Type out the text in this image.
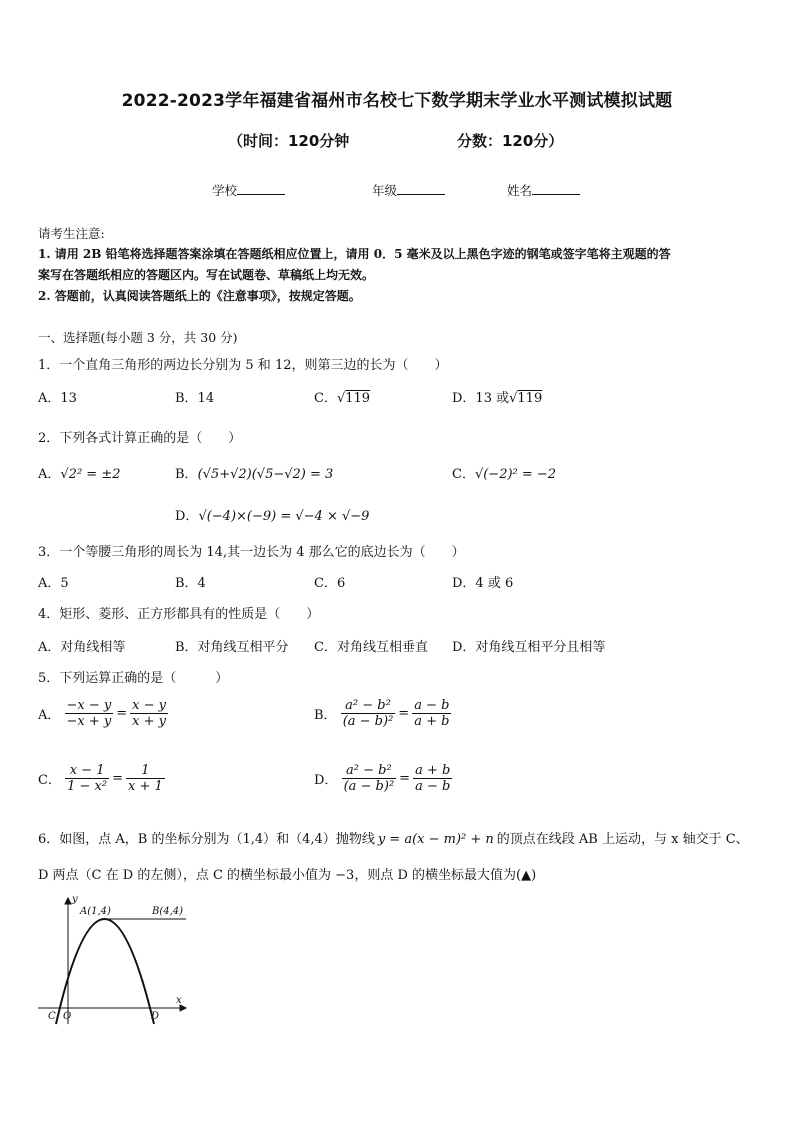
2022-2023学年福建省福州市名校七下数学期末学业水平测试模拟试题
（时间：120分钟	分数：120分）
学校	年级	姓名
请考生注意:
1. 请用 2B 铅笔将选择题答案涂填在答题纸相应位置上，请用 0．5 毫米及以上黑色字迹的钢笔或签字笔将主观题的答
案写在答题纸相应的答题区内。写在试题卷、草稿纸上均无效。
2. 答题前，认真阅读答题纸上的《注意事项》，按规定答题。
一、选择题(每小题 3 分，共 30 分)
1．一个直角三角形的两边长分别为 5 和 12，则第三边的长为（　　）
A．13	B．14	C．√119	D．13 或√119
2．下列各式计算正确的是（　　）
A．√2² = ±2	B．(√5+√2)(√5−√2) = 3	C．√(−2)² = −2
D．√(−4)×(−9) = √−4 × √−9
3．一个等腰三角形的周长为 14,其一边长为 4 那么它的底边长为（　　）
A．5	B．4	C．6	D．4 或 6
4．矩形、菱形、正方形都具有的性质是（　　）
A．对角线相等	B．对角线互相平分 C．对角线互相垂直 D．对角线互相平分且相等
5．下列运算正确的是（　　　）
A． $\frac{-x - y}{-x + y} = \frac{x - y}{x + y}$	B． $\frac{\text{a² − b²}}{\text{(a − b)²}} = \frac{a - b}{a + b}$
C． $\frac{x - 1}{\text{1 − x²}} = \frac{1}{x + 1}$	D． $\frac{\text{a² − b²}}{\text{(a − b)²}} = \frac{a + b}{a - b}$
6．如图，点 A，B 的坐标分别为（1,4）和（4,4）抛物线 y = a(x − m)² + n 的顶点在线段 AB 上运动，与 x 轴交于 C、
D 两点（C 在 D 的左侧），点 C 的横坐标最小值为 −3，则点 D 的横坐标最大值为(▲)
A(1,4)	B(4,4)
C O	D
x
y
